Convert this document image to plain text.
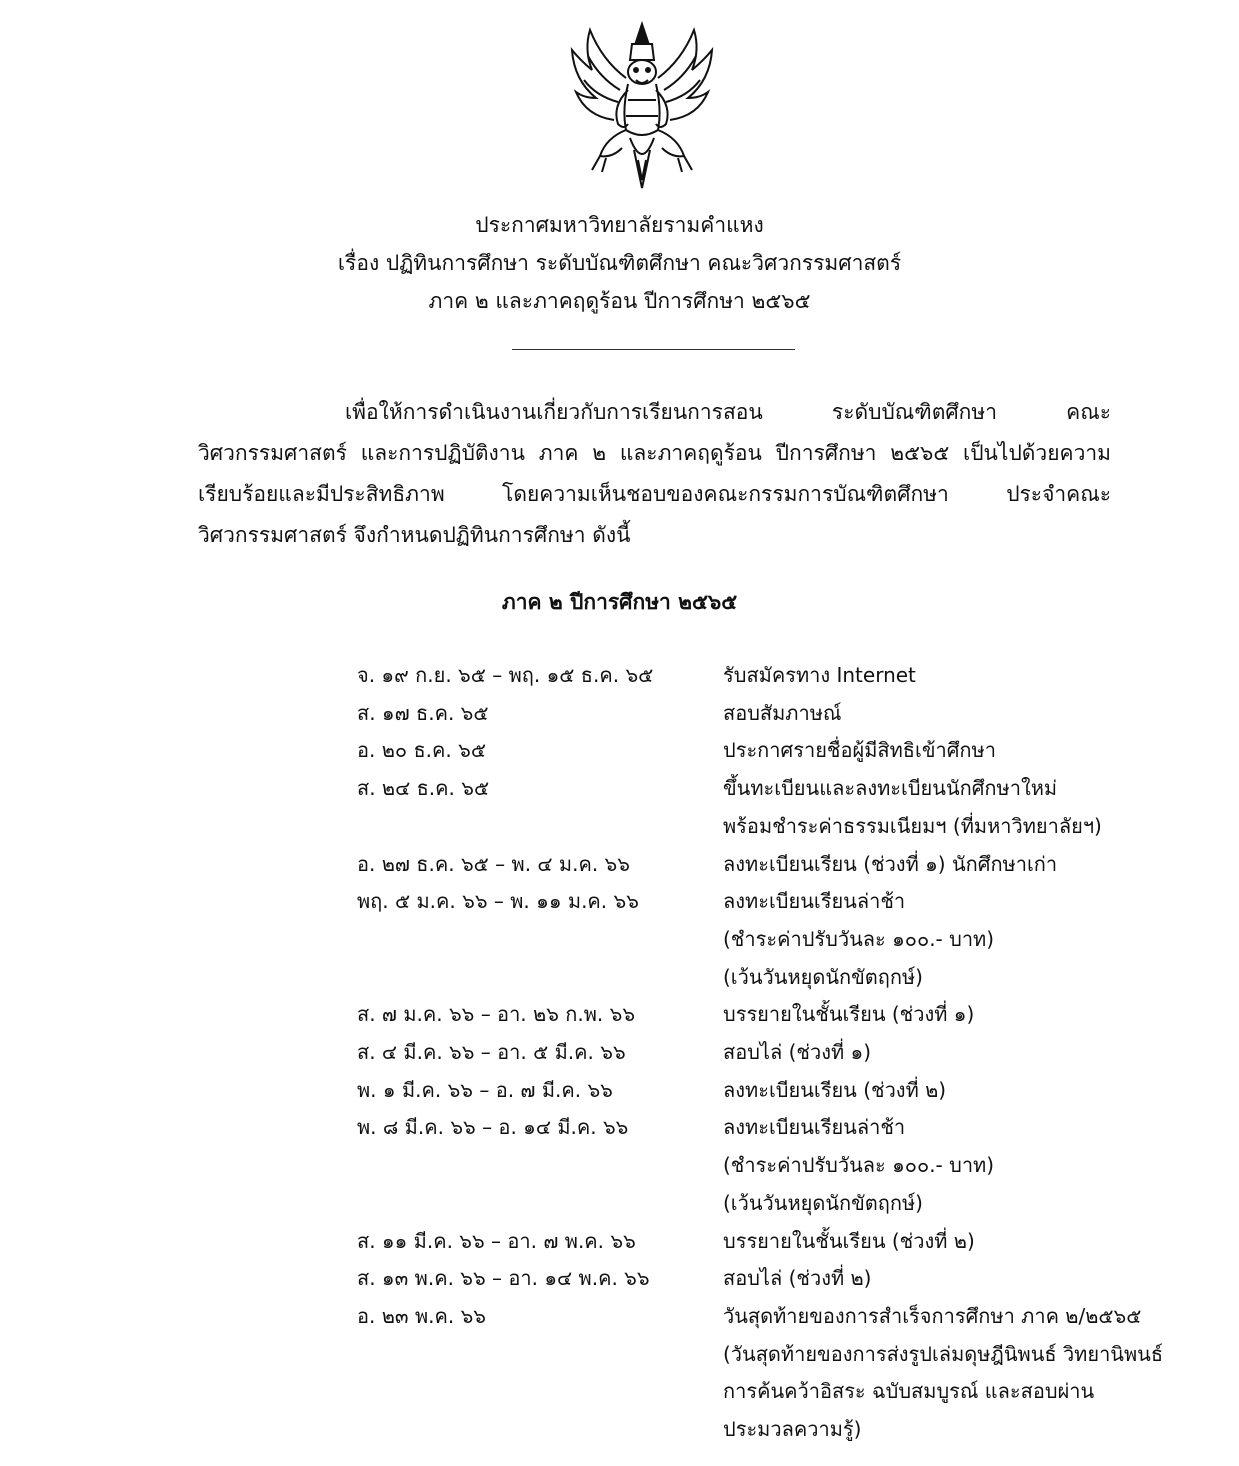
ประกาศมหาวิทยาลัยรามคำแหง
เรื่อง ปฏิทินการศึกษา ระดับบัณฑิตศึกษา คณะวิศวกรรมศาสตร์
ภาค ๒ และภาคฤดูร้อน ปีการศึกษา ๒๕๖๕
เพื่อให้การดำเนินงานเกี่ยวกับการเรียนการสอน ระดับบัณฑิตศึกษา คณะ
วิศวกรรมศาสตร์ และการปฏิบัติงาน ภาค ๒ และภาคฤดูร้อน ปีการศึกษา ๒๕๖๕ เป็นไปด้วยความ
เรียบร้อยและมีประสิทธิภาพ โดยความเห็นชอบของคณะกรรมการบัณฑิตศึกษา ประจำคณะ
วิศวกรรมศาสตร์ จึงกำหนดปฏิทินการศึกษา ดังนี้
ภาค ๒ ปีการศึกษา ๒๕๖๕
จ. ๑๙ ก.ย. ๖๕ – พฤ. ๑๕ ธ.ค. ๖๕	รับสมัครทาง Internet
ส. ๑๗ ธ.ค. ๖๕	สอบสัมภาษณ์
อ. ๒๐ ธ.ค. ๖๕	ประกาศรายชื่อผู้มีสิทธิเข้าศึกษา
ส. ๒๔ ธ.ค. ๖๕	ขึ้นทะเบียนและลงทะเบียนนักศึกษาใหม่
พร้อมชำระค่าธรรมเนียมฯ (ที่มหาวิทยาลัยฯ)
อ. ๒๗ ธ.ค. ๖๕ – พ. ๔ ม.ค. ๖๖	ลงทะเบียนเรียน (ช่วงที่ ๑) นักศึกษาเก่า
พฤ. ๕ ม.ค. ๖๖ – พ. ๑๑ ม.ค. ๖๖	ลงทะเบียนเรียนล่าช้า
(ชำระค่าปรับวันละ ๑๐๐.- บาท)
(เว้นวันหยุดนักขัตฤกษ์)
ส. ๗ ม.ค. ๖๖ – อา. ๒๖ ก.พ. ๖๖	บรรยายในชั้นเรียน (ช่วงที่ ๑)
ส. ๔ มี.ค. ๖๖ – อา. ๕ มี.ค. ๖๖	สอบไล่ (ช่วงที่ ๑)
พ. ๑ มี.ค. ๖๖ – อ. ๗ มี.ค. ๖๖	ลงทะเบียนเรียน (ช่วงที่ ๒)
พ. ๘ มี.ค. ๖๖ – อ. ๑๔ มี.ค. ๖๖	ลงทะเบียนเรียนล่าช้า
(ชำระค่าปรับวันละ ๑๐๐.- บาท)
(เว้นวันหยุดนักขัตฤกษ์)
ส. ๑๑ มี.ค. ๖๖ – อา. ๗ พ.ค. ๖๖	บรรยายในชั้นเรียน (ช่วงที่ ๒)
ส. ๑๓ พ.ค. ๖๖ – อา. ๑๔ พ.ค. ๖๖	สอบไล่ (ช่วงที่ ๒)
อ. ๒๓ พ.ค. ๖๖	วันสุดท้ายของการสำเร็จการศึกษา ภาค ๒/๒๕๖๕
(วันสุดท้ายของการส่งรูปเล่มดุษฎีนิพนธ์ วิทยานิพนธ์
การค้นคว้าอิสระ ฉบับสมบูรณ์ และสอบผ่าน
ประมวลความรู้)
